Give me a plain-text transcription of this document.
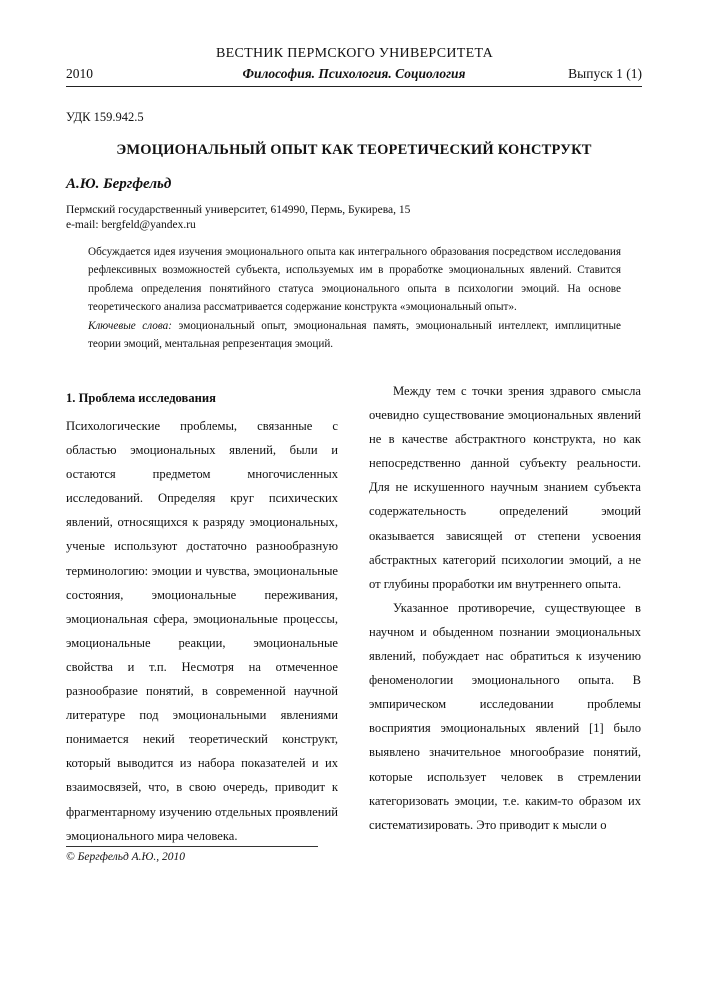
ВЕСТНИК ПЕРМСКОГО УНИВЕРСИТЕТА
2010	Философия. Психология. Социология	Выпуск 1 (1)
УДК 159.942.5
ЭМОЦИОНАЛЬНЫЙ ОПЫТ КАК ТЕОРЕТИЧЕСКИЙ КОНСТРУКТ
А.Ю. Бергфельд
Пермский государственный университет, 614990, Пермь, Букирева, 15
e-mail: bergfeld@yandex.ru

Обсуждается идея изучения эмоционального опыта как интегрального образования посредством исследования рефлексивных возможностей субъекта, используемых им в проработке эмоциональных явлений. Ставится проблема определения понятийного статуса эмоционального опыта в психологии эмоций. На основе теоретического анализа рассматривается содержание конструкта «эмоциональный опыт».

Ключевые слова: эмоциональный опыт, эмоциональная память, эмоциональный интеллект, имплицитные теории эмоций, ментальная репрезентация эмоций.

1. Проблема исследования

Психологические проблемы, связанные с областью эмоциональных явлений, были и остаются предметом многочисленных исследований. Определяя круг психических явлений, относящихся к разряду эмоциональных, ученые используют достаточно разнообразную терминологию: эмоции и чувства, эмоциональные состояния, эмоциональные переживания, эмоциональная сфера, эмоциональные процессы, эмоциональные реакции, эмоциональные свойства и т.п. Несмотря на отмеченное разнообразие понятий, в современной научной литературе под эмоциональными явлениями понимается некий теоретический конструкт, который выводится из набора показателей и их взаимосвязей, что, в свою очередь, приводит к фрагментарному изучению отдельных проявлений эмоционального мира человека.

Между тем с точки зрения здравого смысла очевидно существование эмоциональных явлений не в качестве абстрактного конструкта, но как непосредственно данной субъекту реальности. Для не искушенного научным знанием субъекта содержательность определений эмоций оказывается зависящей от степени усвоения абстрактных категорий психологии эмоций, а не от глубины проработки им внутреннего опыта.

Указанное противоречие, существующее в научном и обыденном познании эмоциональных явлений, побуждает нас обратиться к изучению феноменологии эмоционального опыта. В эмпирическом исследовании проблемы восприятия эмоциональных явлений [1] было выявлено значительное многообразие понятий, которые использует человек в стремлении категоризовать эмоции, т.е. каким-то образом их систематизировать. Это приводит к мысли о

© Бергфельд А.Ю., 2010
